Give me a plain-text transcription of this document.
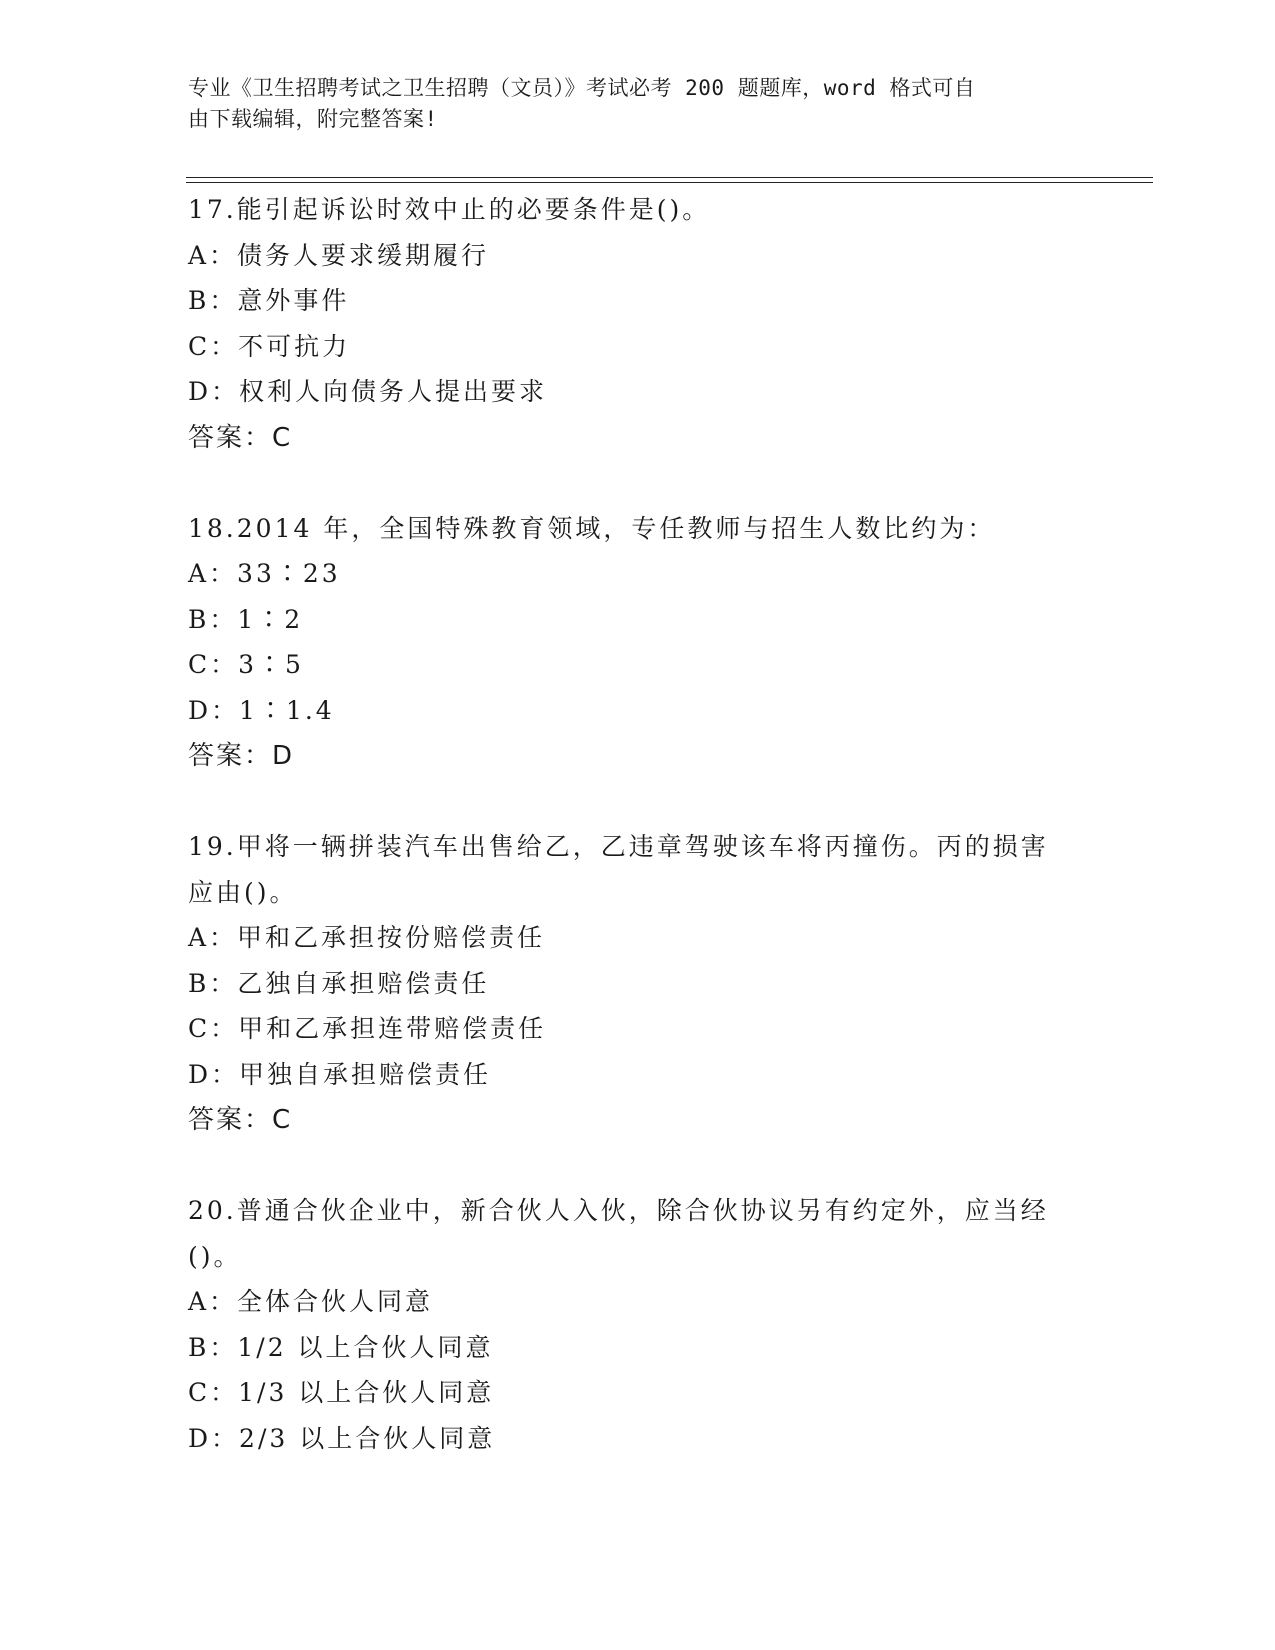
专业《卫生招聘考试之卫生招聘（文员）》考试必考 200 题题库，word 格式可自
由下载编辑，附完整答案!

17.能引起诉讼时效中止的必要条件是()。

A：债务人要求缓期履行

B：意外事件

C：不可抗力

D：权利人向债务人提出要求

答案：C

18.2014 年，全国特殊教育领域，专任教师与招生人数比约为：

A：33∶23

B：1∶2

C：3∶5

D：1∶1.4

答案：D

19.甲将一辆拼装汽车出售给乙，乙违章驾驶该车将丙撞伤。丙的损害

应由()。

A：甲和乙承担按份赔偿责任

B：乙独自承担赔偿责任

C：甲和乙承担连带赔偿责任

D：甲独自承担赔偿责任

答案：C

20.普通合伙企业中，新合伙人入伙，除合伙协议另有约定外，应当经

()。

A：全体合伙人同意

B：1/2 以上合伙人同意

C：1/3 以上合伙人同意

D：2/3 以上合伙人同意
